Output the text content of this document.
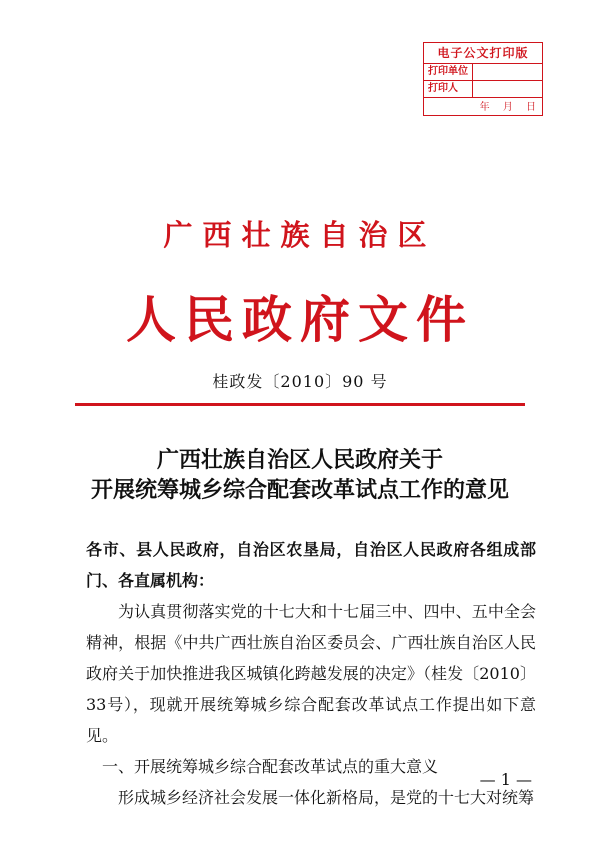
电子公文打印版
打印单位
打印人
年 月 日
广西壮族自治区
人民政府文件
桂政发〔2010〕90 号
广西壮族自治区人民政府关于
开展统筹城乡综合配套改革试点工作的意见

各市、县人民政府，自治区农垦局，自治区人民政府各组成部门、各直属机构：

为认真贯彻落实党的十七大和十七届三中、四中、五中全会精神，根据《中共广西壮族自治区委员会、广西壮族自治区人民政府关于加快推进我区城镇化跨越发展的决定》（桂发〔2010〕33号），现就开展统筹城乡综合配套改革试点工作提出如下意见。

一、开展统筹城乡综合配套改革试点的重大意义

形成城乡经济社会发展一体化新格局，是党的十七大对统筹

— 1 —
